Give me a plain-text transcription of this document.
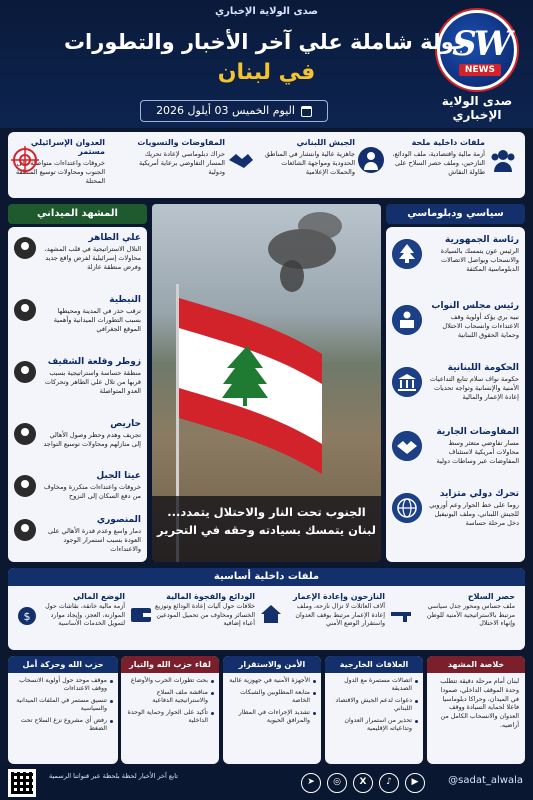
صدى الولاية الإخباري
SW
NEWS
صدى الولاية الإخباري
جولة شاملة علي آخر الأخبار والتطورات
في لبنان
اليوم الخميس 03 أيلول 2026
ملفات داخلية ملحة
أزمة مالية واقتصادية، ملف الودائع، النازحين، وملف حصر السلاح على طاولة النقاش
الجيش اللبناني
جاهزية عالية وانتشار في المناطق الحدودية ومواجهة الشائعات والحملات الإعلامية
المفاوضات والتسويات
حراك دبلوماسي لإعادة تحريك المسار التفاوضي برعاية أمريكية ودولية
العدوان الإسرائيلي مستمر
خروقات واعتداءات متواصلة على الجنوب ومحاولات توسيع المنطقة المحتلة
سياسي ودبلوماسي
رئاسة الجمهورية
الرئيس عون يتمسك بالسيادة والانسحاب ويواصل الاتصالات الدبلوماسية المكثفة
رئيس مجلس النواب
نبيه بري يؤكد أولوية وقف الاعتداءات وانسحاب الاحتلال وحماية الحقوق اللبنانية
الحكومة اللبنانية
حكومة نواف سلام تتابع التداعيات الأمنية والإنسانية وتواجه تحديات إعادة الإعمار والمالية
المفاوضات الجارية
مسار تفاوضي متعثر وسط محاولات أمريكية لاستئناف المفاوضات عبر وساطات دولية
تحرك دولي متزايد
روما على خط الحوار وعم أوروبي للجيش اللبناني، وملف اليونيفيل دخل مرحلة حساسة
المشهد الميداني
علي الطاهر
التلال الاستراتيجية في قلب المشهد، محاولات إسرائيلية لفرض واقع جديد وفرض منطقة عازلة
النبطية
ترقب حذر في المدينة ومحيطها بسبب التطورات الميدانية وأهمية الموقع الجغرافي
زوطر وقلعة الشقيف
منطقة حساسة واستراتيجية بسبب قربها من تلال علي الطاهر وتحركات العدو المتواصلة
حاريص
تجريف وهدم وحظر وصول الأهالي إلى منازلهم ومحاولات توسيع التواجد
عيتا الجبل
خروقات واعتداءات متكررة ومخاوف من دفع السكان إلى النزوح
المنصوري
دمار واسع وعدم قدرة الأهالي على العودة بسبب استمرار الوجود والاعتداءات
الجنوب تحت النار والاحتلال يتمدد...
لبنان يتمسك بسيادته وحقه في التحرير
ملفات داخلية أساسية
حصر السلاح
ملف حساس ومحور جدل سياسي مرتبط بالاستراتيجية الأمنية للوطن وإنهاء الاحتلال
النازحون وإعادة الإعمار
آلاف العائلات لا تزال نازحة، وملف إعادة الإعمار مرتبط بوقف العدوان واستقرار الوضع الأمني
الودائع والفجوة المالية
خلافات حول آليات إعادة الودائع وتوزيع الخسائر ومخاوف من تحميل المودعين أعباء إضافية
الوضع المالي
أزمة مالية خانقة، نقاشات حول الموازنة، العجز، وإيجاد موارد لتمويل الخدمات الأساسية
$
خلاصة المشهد
لبنان أمام مرحلة دقيقة تتطلب وحدة الموقف الداخلي، صمودا في الميدان، وحراكا دبلوماسيا فاعلا لحماية السيادة ووقف العدوان والانسحاب الكامل من أراضيه.
العلاقات الخارجية
اتصالات مستمرة مع الدول الصديقة
دعوات لدعم الجيش والاقتصاد اللبناني
تحذير من استمرار العدوان وتداعياته الإقليمية
الأمن والاستقرار
الأجهزة الأمنية في جهوزية عالية
متابعة المطلوبين والشبكات الخاصة
تشديد الإجراءات في المطار والمرافق الحيوية
لقاء حزب الله والتيار
بحث تطورات الحرب والأوضاع
مناقشة ملف السلاح والاستراتيجية الدفاعية
تأكيد على الحوار وحماية الوحدة الداخلية
حزب الله وحركة أمل
موقف موحد حول أولوية الانسحاب ووقف الاعتداءات
تنسيق مستمر في الملفات الميدانية والسياسية
رفض أي مشروع نزع السلاح تحت الضغط
@sadat_alwala
▶
♪
X
◎
➤
تابع آخر الأخبار لحظة بلحظة عبر قنواتنا الرسمية
